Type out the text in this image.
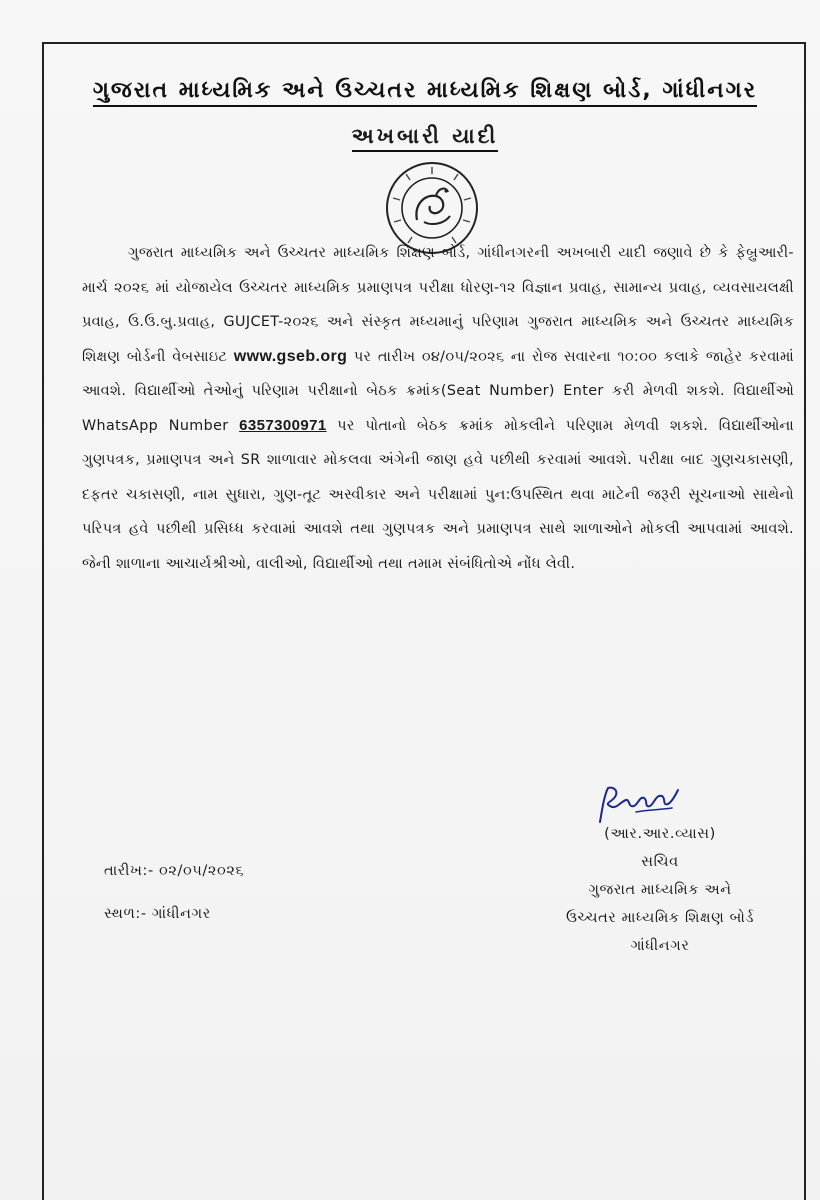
ગુજરાત માધ્યમિક અને ઉચ્ચતર માધ્યમિક શિક્ષણ બોર્ડ, ગાંધીનગર
અખબારી યાદી

ગુજરાત માધ્યમિક અને ઉચ્ચતર માધ્યમિક શિક્ષણ બોર્ડ, ગાંધીનગરની અખબારી યાદી જણાવે છે કે ફેબ્રુઆરી-માર્ચ ૨૦૨૬ માં યોજાયેલ ઉચ્ચતર માધ્યમિક પ્રમાણપત્ર પરીક્ષા ધોરણ-૧૨ વિજ્ઞાન પ્રવાહ, સામાન્ય પ્રવાહ, વ્યવસાયલક્ષી પ્રવાહ, ઉ.ઉ.બુ.પ્રવાહ, GUJCET-૨૦૨૬ અને સંસ્કૃત મધ્યમાનું પરિણામ ગુજરાત માધ્યમિક અને ઉચ્ચતર માધ્યમિક શિક્ષણ બોર્ડની વેબસાઇટ www.gseb.org પર તારીખ ૦૪/૦૫/૨૦૨૬ ના રોજ સવારના ૧૦:૦૦ કલાકે જાહેર કરવામાં આવશે. વિદ્યાર્થીઓ તેઓનું પરિણામ પરીક્ષાનો બેઠક ક્રમાંક(Seat Number) Enter કરી મેળવી શકશે. વિદ્યાર્થીઓ WhatsApp Number 6357300971 પર પોતાનો બેઠક ક્રમાંક મોકલીને પરિણામ મેળવી શકશે. વિદ્યાર્થીઓના ગુણપત્રક, પ્રમાણપત્ર અને SR શાળાવાર મોકલવા અંગેની જાણ હવે પછીથી કરવામાં આવશે. પરીક્ષા બાદ ગુણચકાસણી, દફતર ચકાસણી, નામ સુધારા, ગુણ-તૂટ અસ્વીકાર અને પરીક્ષામાં પુન:ઉપસ્થિત થવા માટેની જરૂરી સૂચનાઓ સાથેનો પરિપત્ર હવે પછીથી પ્રસિધ્ધ કરવામાં આવશે તથા ગુણપત્રક અને પ્રમાણપત્ર સાથે શાળાઓને મોકલી આપવામાં આવશે. જેની શાળાના આચાર્યશ્રીઓ, વાલીઓ, વિદ્યાર્થીઓ તથા તમામ સંબંધિતોએ નોંધ લેવી.

તારીખ:- ૦૨/૦૫/૨૦૨૬
સ્થળ:- ગાંધીનગર
(આર.આર.વ્યાસ)
સચિવ
ગુજરાત માધ્યમિક અને
ઉચ્ચતર માધ્યમિક શિક્ષણ બોર્ડ
ગાંધીનગર
